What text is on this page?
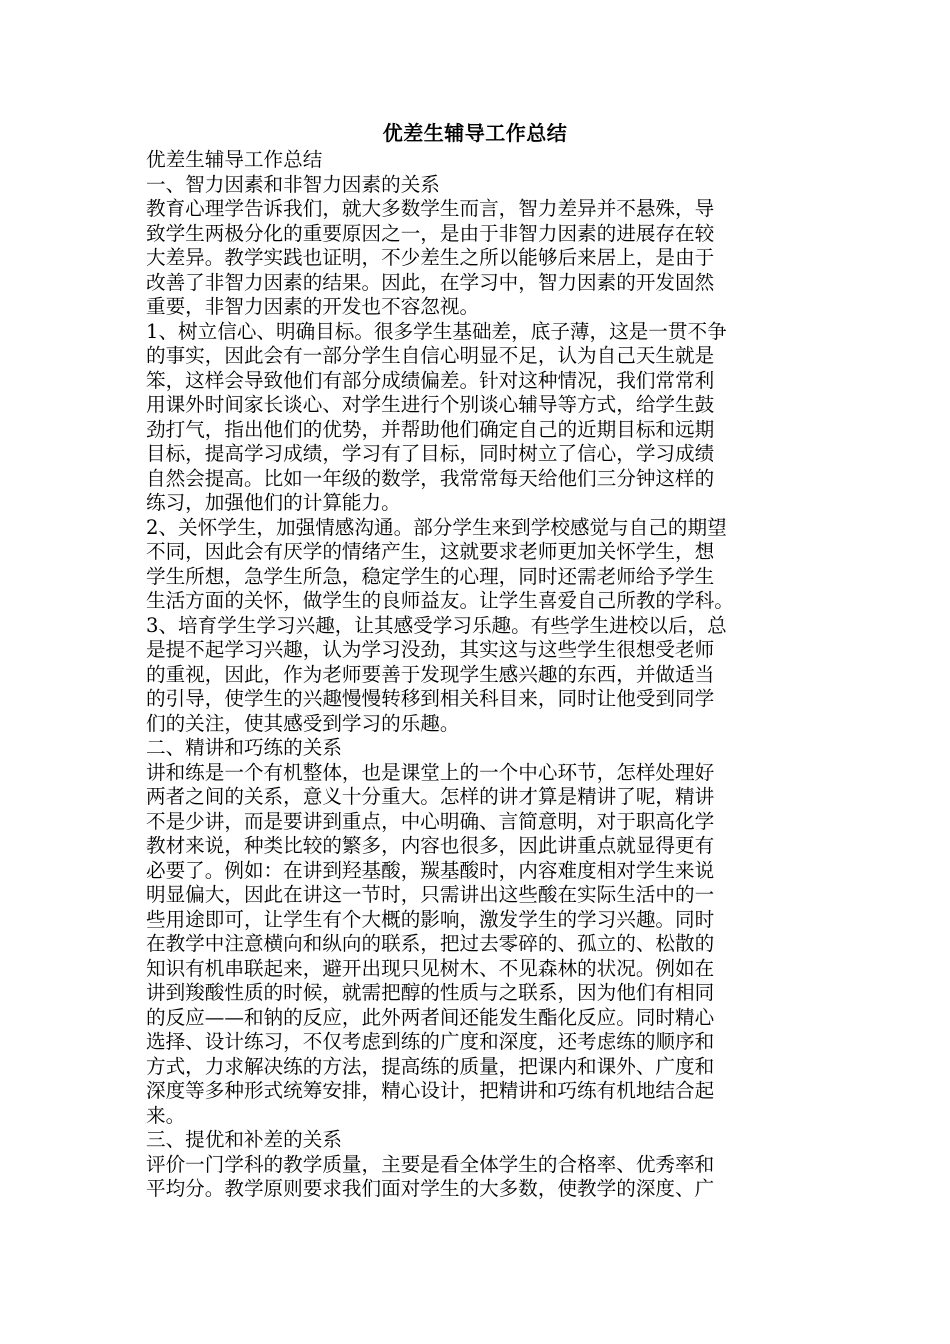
优差生辅导工作总结
优差生辅导工作总结
一、智力因素和非智力因素的关系
教育心理学告诉我们，就大多数学生而言，智力差异并不悬殊，导
致学生两极分化的重要原因之一，是由于非智力因素的进展存在较
大差异。教学实践也证明，不少差生之所以能够后来居上，是由于
改善了非智力因素的结果。因此，在学习中，智力因素的开发固然
重要，非智力因素的开发也不容忽视。
1、树立信心、明确目标。很多学生基础差，底子薄，这是一贯不争
的事实，因此会有一部分学生自信心明显不足，认为自己天生就是
笨，这样会导致他们有部分成绩偏差。针对这种情况，我们常常利
用课外时间家长谈心、对学生进行个别谈心辅导等方式，给学生鼓
劲打气，指出他们的优势，并帮助他们确定自己的近期目标和远期
目标，提高学习成绩，学习有了目标，同时树立了信心，学习成绩
自然会提高。比如一年级的数学，我常常每天给他们三分钟这样的
练习，加强他们的计算能力。
2、关怀学生，加强情感沟通。部分学生来到学校感觉与自己的期望
不同，因此会有厌学的情绪产生，这就要求老师更加关怀学生，想
学生所想，急学生所急，稳定学生的心理，同时还需老师给予学生
生活方面的关怀，做学生的良师益友。让学生喜爱自己所教的学科。
3、培育学生学习兴趣，让其感受学习乐趣。有些学生进校以后，总
是提不起学习兴趣，认为学习没劲，其实这与这些学生很想受老师
的重视，因此，作为老师要善于发现学生感兴趣的东西，并做适当
的引导，使学生的兴趣慢慢转移到相关科目来，同时让他受到同学
们的关注，使其感受到学习的乐趣。
二、精讲和巧练的关系
讲和练是一个有机整体，也是课堂上的一个中心环节，怎样处理好
两者之间的关系，意义十分重大。怎样的讲才算是精讲了呢，精讲
不是少讲，而是要讲到重点，中心明确、言简意明，对于职高化学
教材来说，种类比较的繁多，内容也很多，因此讲重点就显得更有
必要了。例如：在讲到羟基酸，羰基酸时，内容难度相对学生来说
明显偏大，因此在讲这一节时，只需讲出这些酸在实际生活中的一
些用途即可，让学生有个大概的影响，激发学生的学习兴趣。同时
在教学中注意横向和纵向的联系，把过去零碎的、孤立的、松散的
知识有机串联起来，避开出现只见树木、不见森林的状况。例如在
讲到羧酸性质的时候，就需把醇的性质与之联系，因为他们有相同
的反应——和钠的反应，此外两者间还能发生酯化反应。同时精心
选择、设计练习，不仅考虑到练的广度和深度，还考虑练的顺序和
方式，力求解决练的方法，提高练的质量，把课内和课外、广度和
深度等多种形式统筹安排，精心设计，把精讲和巧练有机地结合起
来。
三、提优和补差的关系
评价一门学科的教学质量，主要是看全体学生的合格率、优秀率和
平均分。教学原则要求我们面对学生的大多数，使教学的深度、广
